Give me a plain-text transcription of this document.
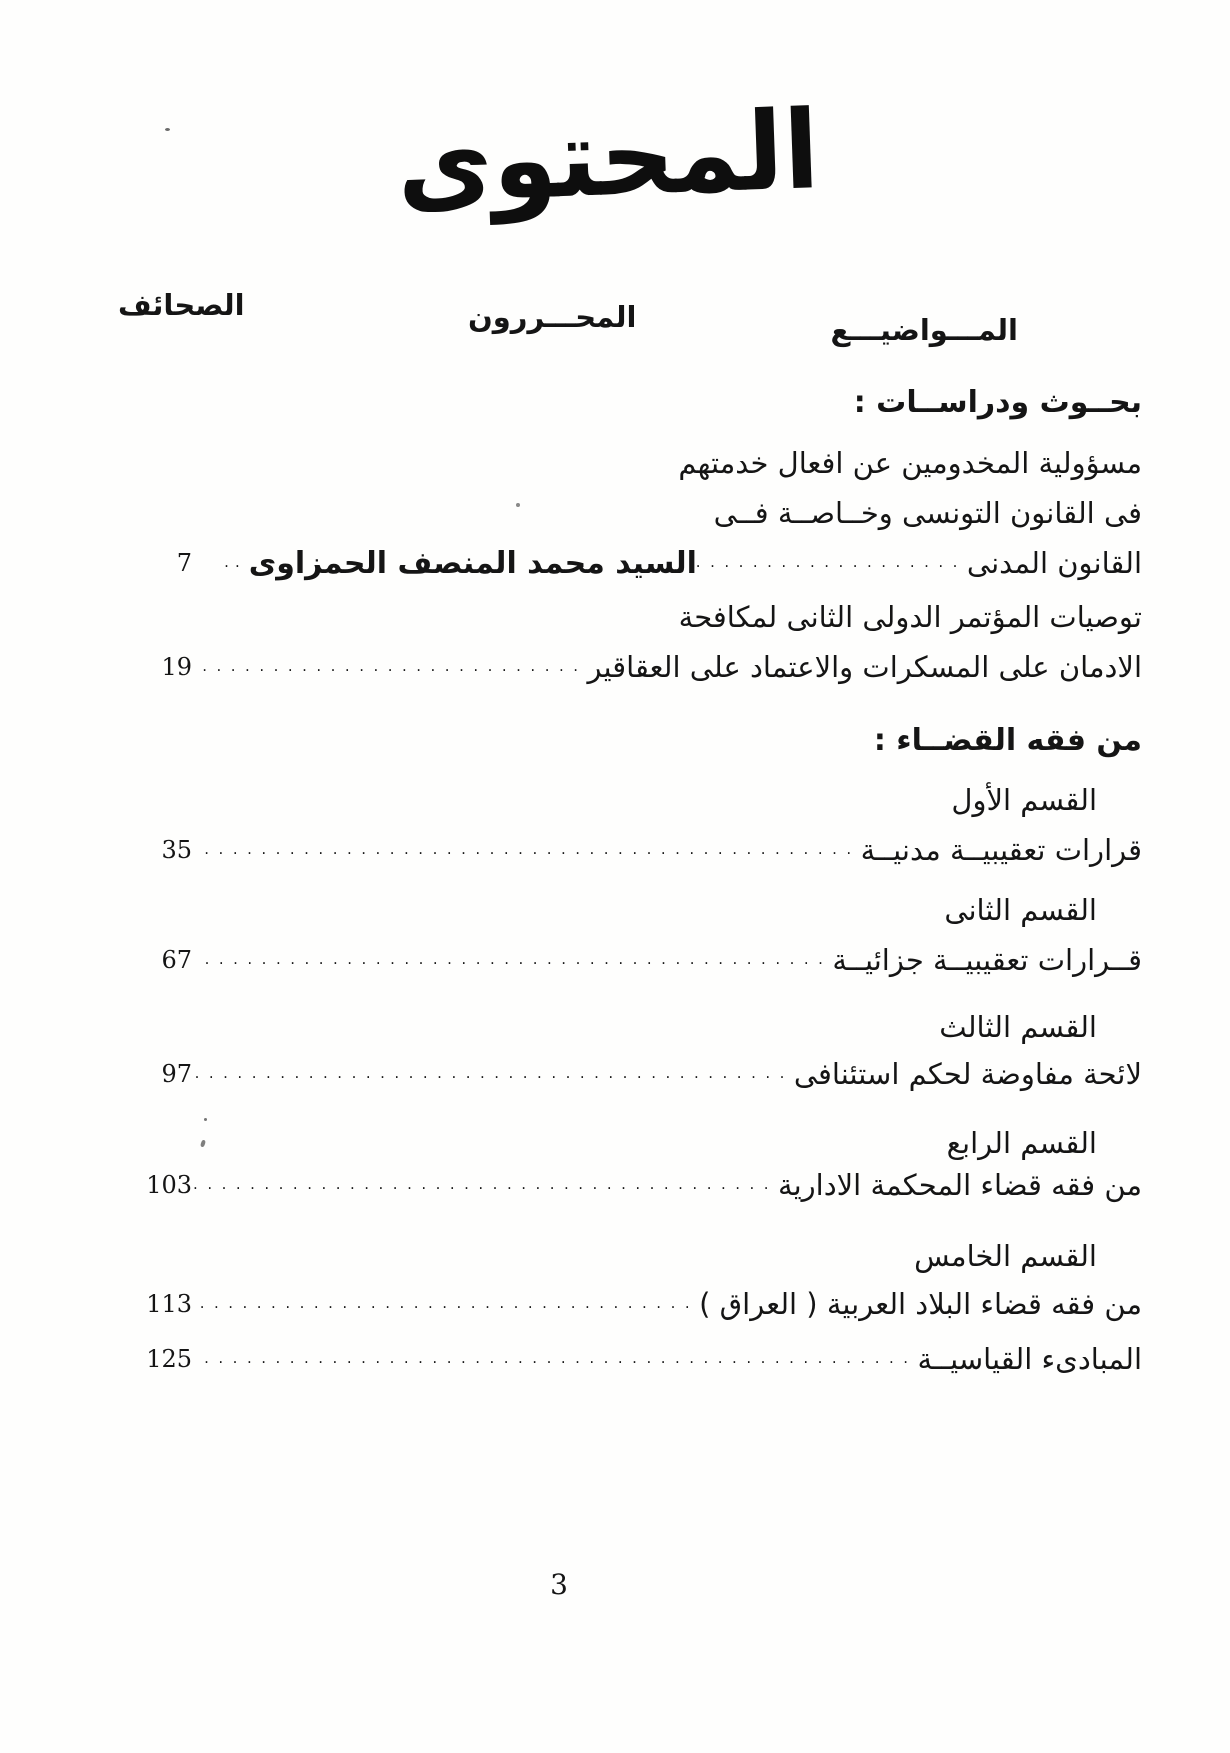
المحتوى
الصحائف	المحـــررون	المـــواضيـــع
بحــوث ودراســات :
مسؤولية المخدومين عن افعال خدمتهم
فى القانون التونسى وخــاصــة فــى
القانون المدنى
.....
السيد محمد المنصف الحمزاوى
..
7
توصيات المؤتمر الدولى الثانى لمكافحة
الادمان على المسكرات والاعتماد على العقاقير
.....
19
من فقه القضــاء :
القسم الأول
قرارات تعقيبيــة مدنيــة
.....
35
القسم الثانى
قــرارات تعقيبيــة جزائيــة
.....
67
القسم الثالث
لائحة مفاوضة لحكم استئنافى
.....
97
القسم الرابع
من فقه قضاء المحكمة الادارية
.....
103
القسم الخامس
من فقه قضاء البلاد العربية ( العراق )
.....
113
المبادىء القياسيــة
.....
125
3
